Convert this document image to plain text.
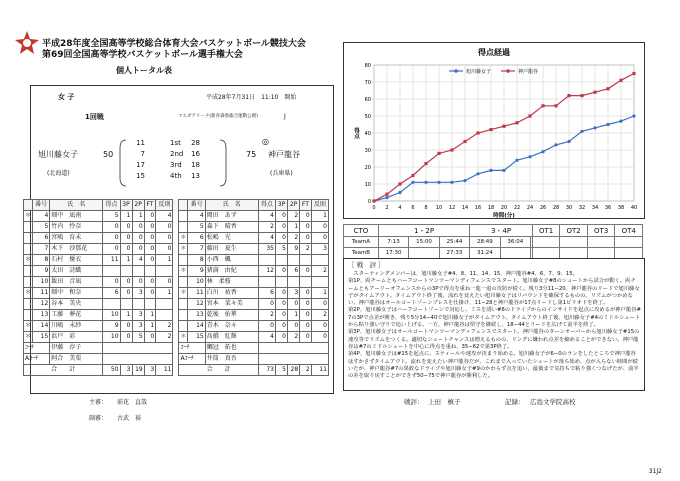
平成28年度全国高等学校総合体育大会バスケットボール競技大会
第69回全国高等学校バスケットボール選手権大会
個人トータル表
女 子	平成28年7月31日　11:10　開始
1回戦	マエダアリーナ(新青森県総合運動公園)	J
旭川藤女子	50
(北海道)
◎
75 神戸龍谷
(兵庫県)
11	1st	28
7	2nd	16
17	3rd	18
15	4th	13
	番号	氏　名	得点	3P	2P	FT	反則			番号	氏　名	得点	3P	2P	FT	反則
＊	4	畑中　凪南	5	1	1	0	4			4	岡田　あず	4	0	2	0	1
	5	竹内　怜奈	0	0	0	0	0			5	森下　晴香	2	0	1	0	0
	6	宮嶋　育未	0	0	0	0	0		＊	6	松嶋　光	4	0	2	0	0
	7	木下　沙那花	0	0	0	0	0		＊	7	藤田　夏生	35	5	9	2	3
＊	8	石村　優衣	11	1	4	0	1			8	小西　楓					
	9	太田　詩織							＊	9	猪満　由紀	12	0	6	0	2
	10	飯田　音凪	0	0	0	0	0			10	林　柔桜					
＊	11	畑中　和奈	6	0	3	0	1		＊	11	白川　祐香	6	0	3	0	1
	12	谷本　美央								12	宮本　菜々美	0	0	0	0	0
	13	工藤　夢花	10	1	3	1				13	乾後　佑華	2	0	1	0	2
＊	14	川嶋　未紗	9	0	3	1	2			14	青木　奈々	0	0	0	0	0
＊	15	浜戸　彩	10	0	5	0	2		＊	15	髙橋　紅輝	4	0	2	0	0
ｺｰﾁ		伊藤　淳子							ｺｰﾁ		鯛冠　拓也					
Aｺｰﾁ		阿合　美栗							Aｺｰﾁ		井筒　真吾					
合　　計			50	3	19	3	11		合　　計			73	5	28	2	11
主審： 前花　直哉
副審： 古武　裕
得点経過
0
10
20
30
40
50
60
70
80
0 2 4 6 8 10 12 14 16 18 20 22 24 26 28 30 32 34 36 38 40
時間(分)
得点
旭川藤女子	神戸龍谷
CTO	1・2P			3・4P			OT1	OT2	OT3	OT4
TeamA	7:13	15:00	25:44	28:49	36:04					
TeamB	17:30		27:33	31:24						
［ 戦　評 ］
　スターティングメンバーは、旭川藤女子#4、8、11、14、15、神戸龍谷#4、6、7、9、15。
第1P、両チームともハーフコートマンツーマンディフェンスでスタート。旭川藤女子#8のシュートから試合が動く。両チームともアーリーオフェンスからの3Pで得点を重ね一進一退の攻防が続く。残り3分11−20、神戸龍谷のリードで旭川藤女子がタイムアウト。タイムアウト終了後、流れを変えたい旭川藤女子はリバウンドを確保するものの、リズムがつかめない。神戸龍谷はオールコートゾーンプレスを仕掛け、11−28と神戸龍谷が17点リードし第1ピリオドを終了。
第2P、旭川藤女子はハーフコートゾーンで対応し、ミスを誘い#8のドライブからのインサイドを起点に攻めるが神戸龍谷#7の3Pで点差が開き、残り5分14−40で旭川藤女子がタイムアウト。タイムアウト終了後、旭川藤女子#4のミドルシュートから粘り強い守りで追い上げる。一方、神戸龍谷は堅守を継続し、18−44とリードを広げて前半を終了。
第3P、旭川藤女子はオールコートマンツーマンディフェンスでスタート。神戸龍谷のターンオーバーから旭川藤女子#15の速攻等でリズムをつくる。適切なシュートチャンスは増えるものの、リングに嫌われ点差を縮めることができない。神戸龍谷は#7のミドルシュートを中心に得点を重ね、35−62で第3P終了。
第4P、旭川藤女子は#15を起点に、スティールや速攻が決まり始める。旭川藤女子が6−0のランをしたところで神戸龍谷はすかさずタイムアウト。流れを変えたい神戸龍谷だが、これまで入っていたシュートが落ち始め、点が入らない時間が続いたが、神戸龍谷#7の果敢なドライブや旭川藤女子#9のかわらず点を追い、最後まで気持ちで粘り強くつなげたが、前半の差を取り戻すことができず50−75で神戸龍谷が勝利した。
戦評： 上田　槙子	記録： 広島文学院高校
31J2
